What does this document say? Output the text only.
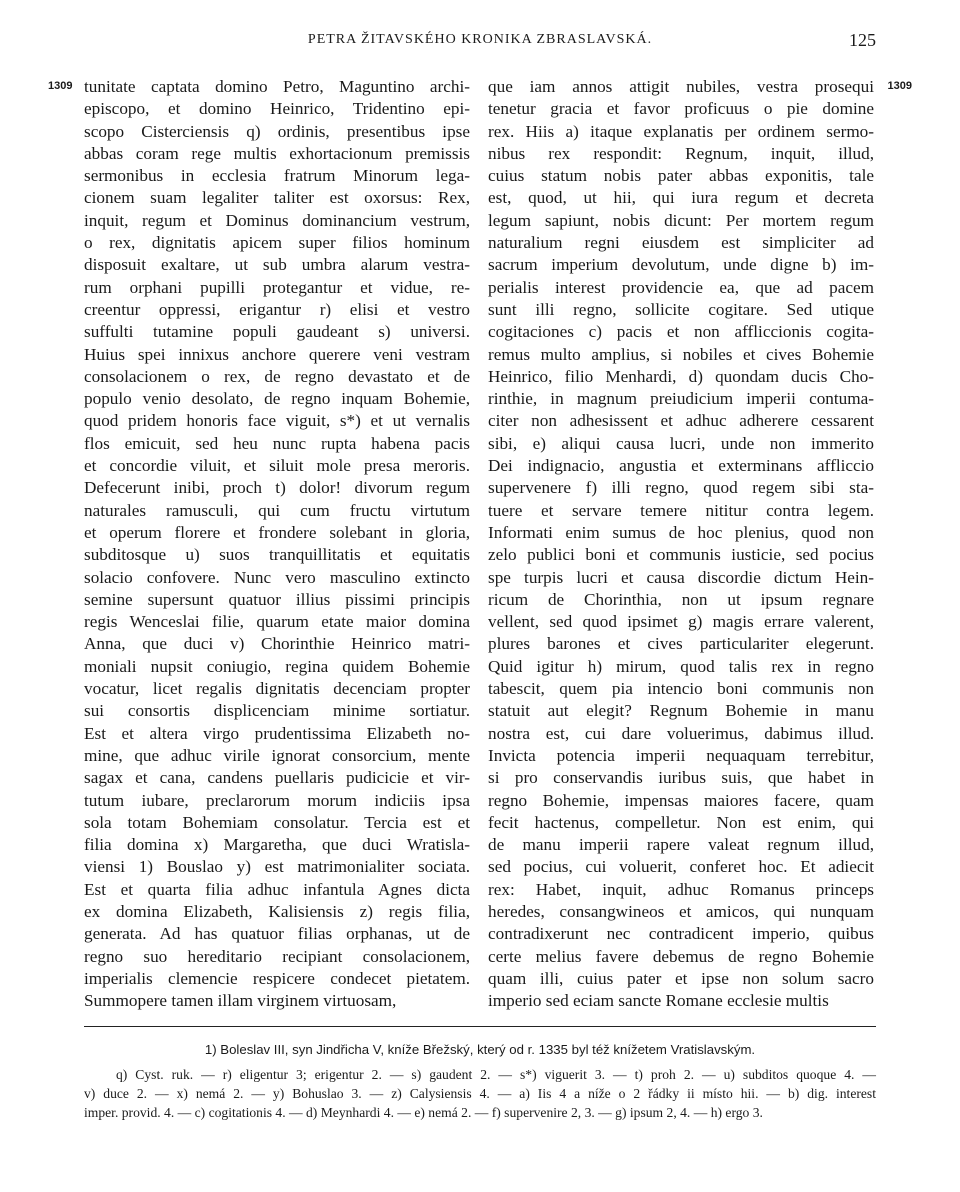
PETRA ŽITAVSKÉHO KRONIKA ZBRASLAVSKÁ.	125
1309	1309
tunitate captata domino Petro, Maguntino archi-
episcopo, et domino Heinrico, Tridentino epi-
scopo Cisterciensis q) ordinis, presentibus ipse
abbas coram rege multis exhortacionum premissis
sermonibus in ecclesia fratrum Minorum lega-
cionem suam legaliter taliter est oxorsus: Rex,
inquit, regum et Dominus dominancium vestrum,
o rex, dignitatis apicem super filios hominum
disposuit exaltare, ut sub umbra alarum vestra-
rum orphani pupilli protegantur et vidue, re-
creentur oppressi, erigantur r) elisi et vestro
suffulti tutamine populi gaudeant s) universi.
Huius spei innixus anchore querere veni vestram
consolacionem o rex, de regno devastato et de
populo venio desolato, de regno inquam Bohemie,
quod pridem honoris face viguit, s*) et ut vernalis
flos emicuit, sed heu nunc rupta habena pacis
et concordie viluit, et siluit mole presa meroris.
Defecerunt inibi, proch t) dolor! divorum regum
naturales ramusculi, qui cum fructu virtutum
et operum florere et frondere solebant in gloria,
subditosque u) suos tranquillitatis et equitatis
solacio confovere. Nunc vero masculino extincto
semine supersunt quatuor illius pissimi principis
regis Wenceslai filie, quarum etate maior domina
Anna, que duci v) Chorinthie Heinrico matri-
moniali nupsit coniugio, regina quidem Bohemie
vocatur, licet regalis dignitatis decenciam propter
sui consortis displicenciam minime sortiatur.
Est et altera virgo prudentissima Elizabeth no-
mine, que adhuc virile ignorat consorcium, mente
sagax et cana, candens puellaris pudicicie et vir-
tutum iubare, preclarorum morum indiciis ipsa
sola totam Bohemiam consolatur. Tercia est et
filia domina x) Margaretha, que duci Wratisla-
viensi 1) Bouslao y) est matrimonialiter sociata.
Est et quarta filia adhuc infantula Agnes dicta
ex domina Elizabeth, Kalisiensis z) regis filia,
generata. Ad has quatuor filias orphanas, ut de
regno suo hereditario recipiant consolacionem,
imperialis clemencie respicere condecet pietatem.
Summopere tamen illam virginem virtuosam,
que iam annos attigit nubiles, vestra prosequi
tenetur gracia et favor proficuus o pie domine
rex. Hiis a) itaque explanatis per ordinem sermo-
nibus rex respondit: Regnum, inquit, illud,
cuius statum nobis pater abbas exponitis, tale
est, quod, ut hii, qui iura regum et decreta
legum sapiunt, nobis dicunt: Per mortem regum
naturalium regni eiusdem est simpliciter ad
sacrum imperium devolutum, unde digne b) im-
perialis interest providencie ea, que ad pacem
sunt illi regno, sollicite cogitare. Sed utique
cogitaciones c) pacis et non affliccionis cogita-
remus multo amplius, si nobiles et cives Bohemie
Heinrico, filio Menhardi, d) quondam ducis Cho-
rinthie, in magnum preiudicium imperii contuma-
citer non adhesissent et adhuc adherere cessarent
sibi, e) aliqui causa lucri, unde non immerito
Dei indignacio, angustia et exterminans affliccio
supervenere f) illi regno, quod regem sibi sta-
tuere et servare temere nititur contra legem.
Informati enim sumus de hoc plenius, quod non
zelo publici boni et communis iusticie, sed pocius
spe turpis lucri et causa discordie dictum Hein-
ricum de Chorinthia, non ut ipsum regnare
vellent, sed quod ipsimet g) magis errare valerent,
plures barones et cives particulariter elegerunt.
Quid igitur h) mirum, quod talis rex in regno
tabescit, quem pia intencio boni communis non
statuit aut elegit? Regnum Bohemie in manu
nostra est, cui dare voluerimus, dabimus illud.
Invicta potencia imperii nequaquam terrebitur,
si pro conservandis iuribus suis, que habet in
regno Bohemie, impensas maiores facere, quam
fecit hactenus, compelletur. Non est enim, qui
de manu imperii rapere valeat regnum illud,
sed pocius, cui voluerit, conferet hoc. Et adiecit
rex: Habet, inquit, adhuc Romanus princeps
heredes, consangwineos et amicos, qui nunquam
contradixerunt nec contradicent imperio, quibus
certe melius favere debemus de regno Bohemie
quam illi, cuius pater et ipse non solum sacro
imperio sed eciam sancte Romane ecclesie multis
1) Boleslav III, syn Jindřicha V, kníže Břežský, který od r. 1335 byl též knížetem Vratislavským.
q) Cyst. ruk. — r) eligentur 3; erigentur 2. — s) gaudent 2. — s*) viguerit 3. — t) proh 2. — u) subditos quoque 4. —
v) duce 2. — x) nemá 2. — y) Bohuslao 3. — z) Calysiensis 4. — a) Iis 4 a níže o 2 řádky ii místo hii. — b) dig. interest
imper. provid. 4. — c) cogitationis 4. — d) Meynhardi 4. — e) nemá 2. — f) supervenire 2, 3. — g) ipsum 2, 4. — h) ergo 3.
